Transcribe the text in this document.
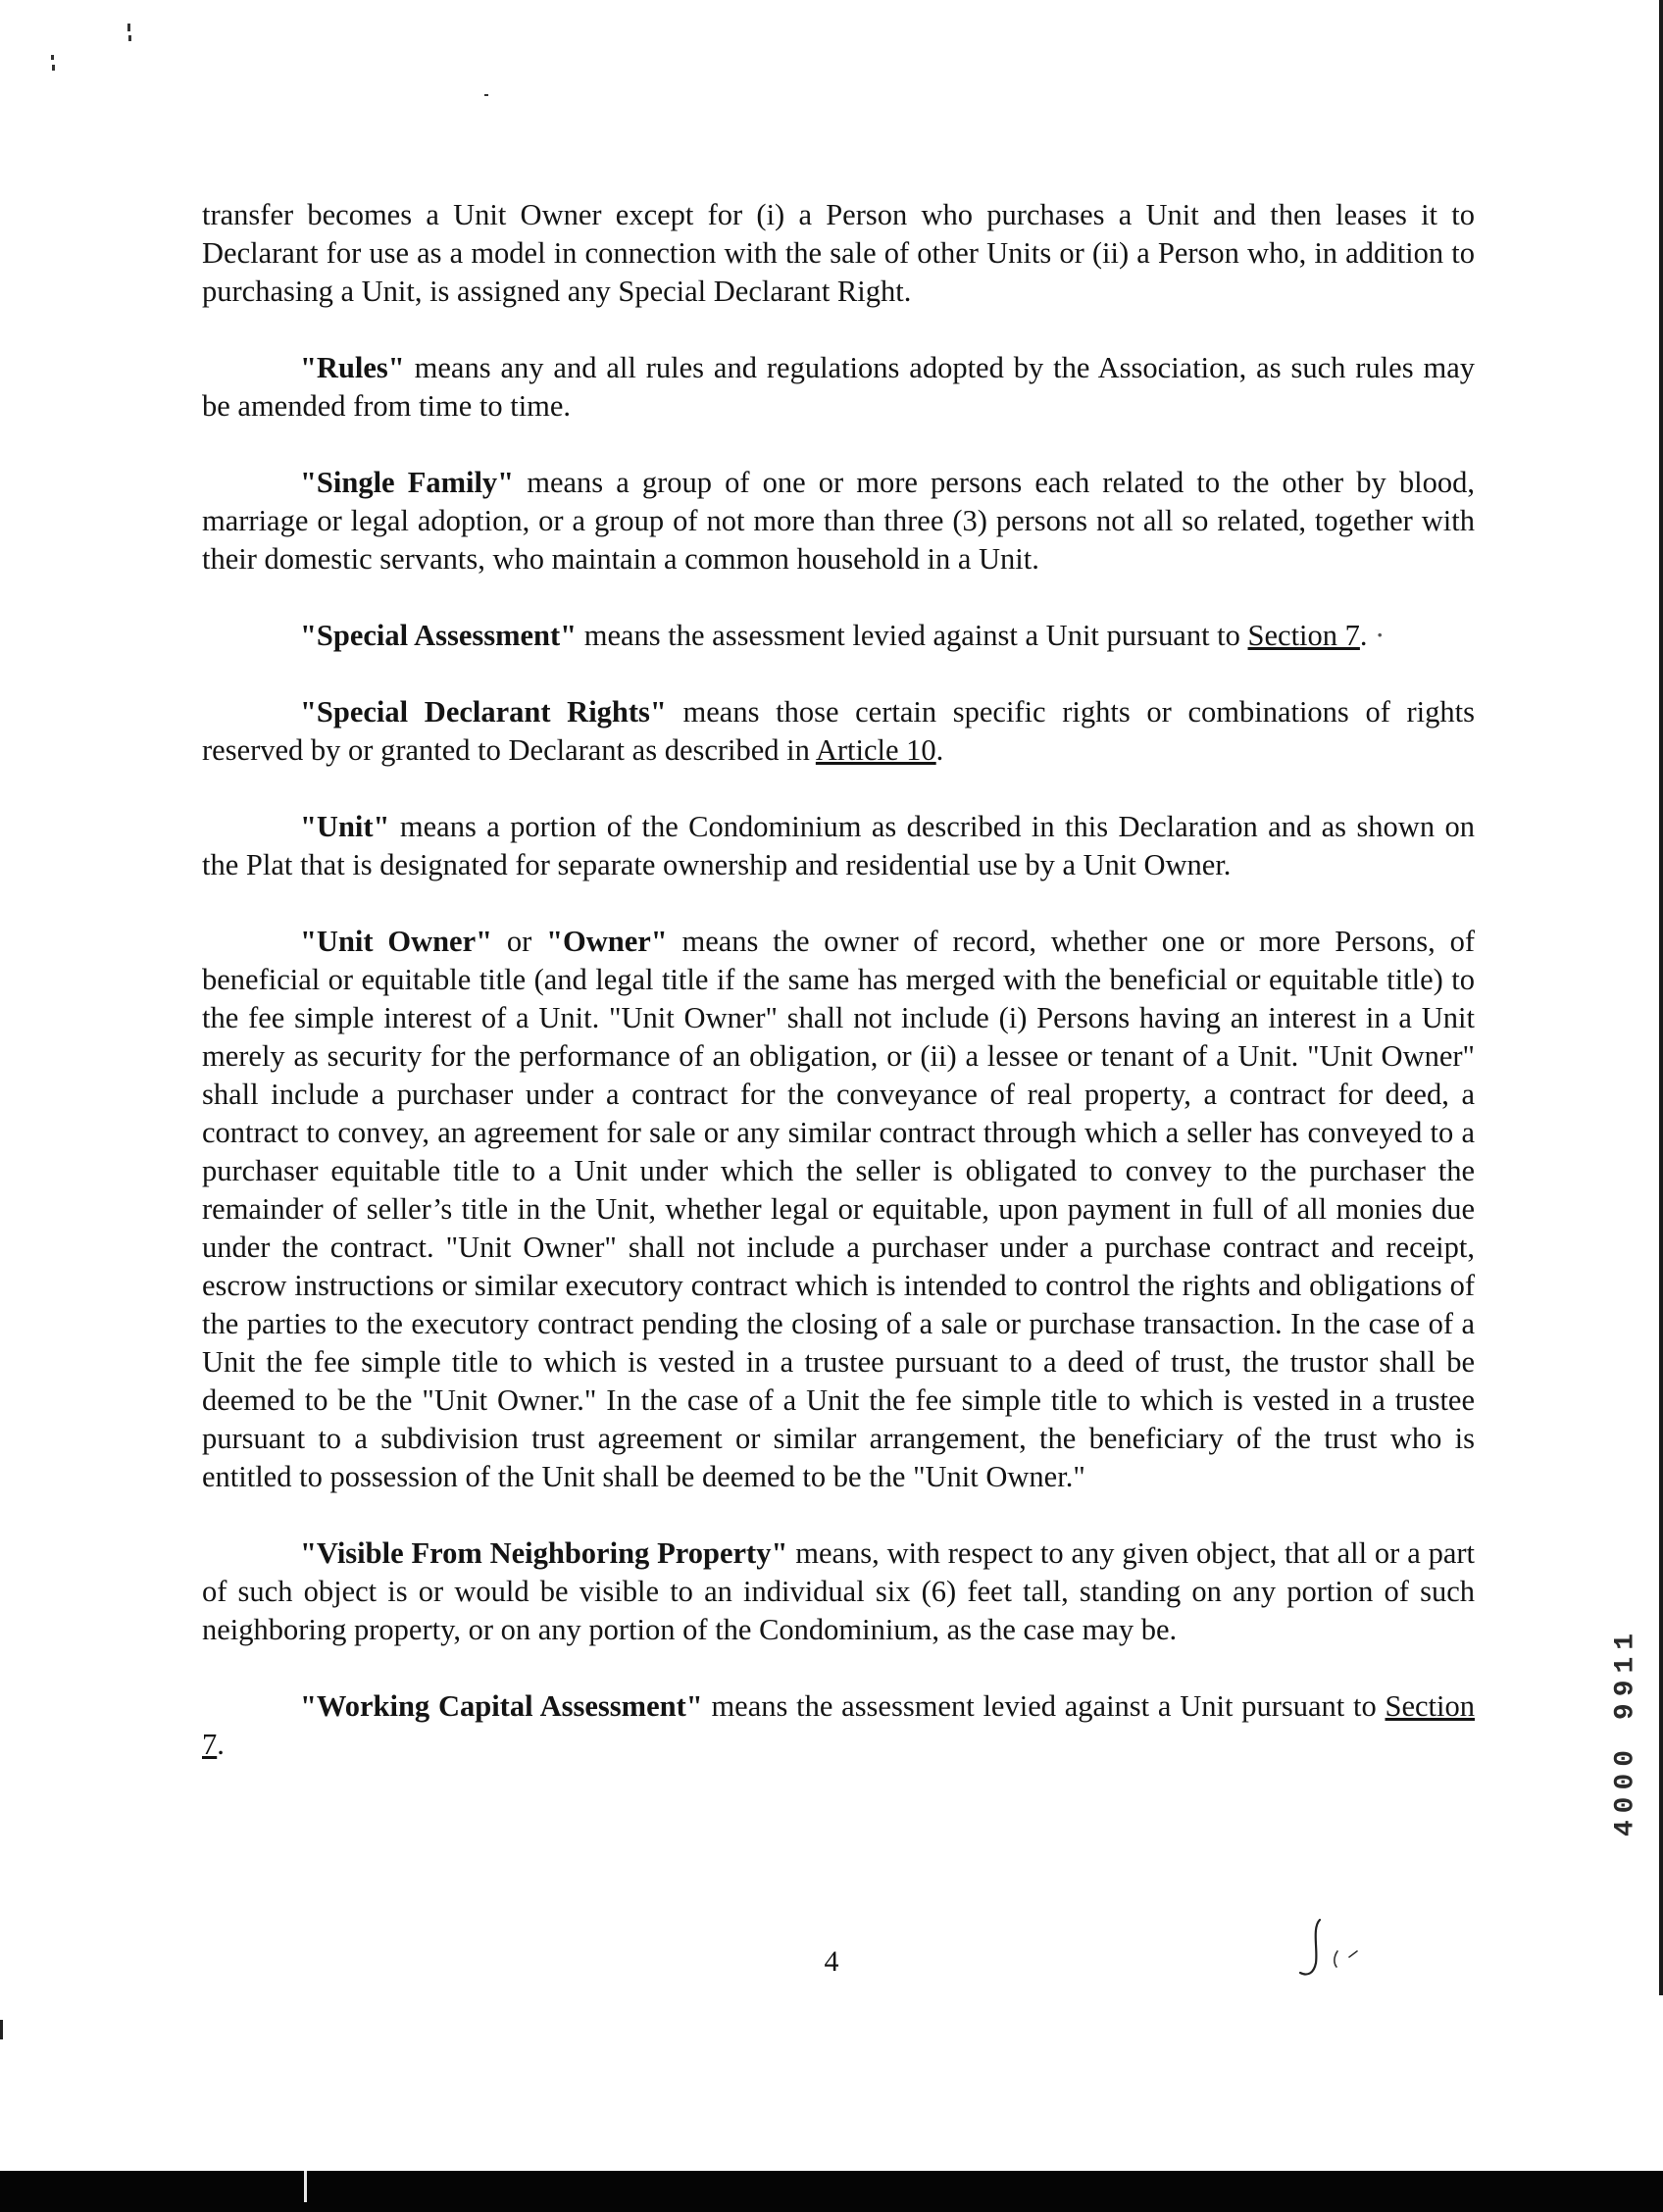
transfer becomes a Unit Owner except for (i) a Person who purchases a Unit and then leases it to Declarant for use as a model in connection with the sale of other Units or (ii) a Person who, in addition to purchasing a Unit, is assigned any Special Declarant Right.

"Rules" means any and all rules and regulations adopted by the Association, as such rules may be amended from time to time.

"Single Family" means a group of one or more persons each related to the other by blood, marriage or legal adoption, or a group of not more than three (3) persons not all so related, together with their domestic servants, who maintain a common household in a Unit.

"Special Assessment" means the assessment levied against a Unit pursuant to Section 7. ·

"Special Declarant Rights" means those certain specific rights or combinations of rights reserved by or granted to Declarant as described in Article 10.

"Unit" means a portion of the Condominium as described in this Declaration and as shown on the Plat that is designated for separate ownership and residential use by a Unit Owner.

"Unit Owner" or "Owner" means the owner of record, whether one or more Persons, of beneficial or equitable title (and legal title if the same has merged with the beneficial or equitable title) to the fee simple interest of a Unit. "Unit Owner" shall not include (i) Persons having an interest in a Unit merely as security for the performance of an obligation, or (ii) a lessee or tenant of a Unit. "Unit Owner" shall include a purchaser under a contract for the conveyance of real property, a contract for deed, a contract to convey, an agreement for sale or any similar contract through which a seller has conveyed to a purchaser equitable title to a Unit under which the seller is obligated to convey to the purchaser the remainder of seller’s title in the Unit, whether legal or equitable, upon payment in full of all monies due under the contract. "Unit Owner" shall not include a purchaser under a purchase contract and receipt, escrow instructions or similar executory contract which is intended to control the rights and obligations of the parties to the executory contract pending the closing of a sale or purchase transaction. In the case of a Unit the fee simple title to which is vested in a trustee pursuant to a deed of trust, the trustor shall be deemed to be the "Unit Owner." In the case of a Unit the fee simple title to which is vested in a trustee pursuant to a subdivision trust agreement or similar arrangement, the beneficiary of the trust who is entitled to possession of the Unit shall be deemed to be the "Unit Owner."

"Visible From Neighboring Property" means, with respect to any given object, that all or a part of such object is or would be visible to an individual six (6) feet tall, standing on any portion of such neighboring property, or on any portion of the Condominium, as the case may be.

"Working Capital Assessment" means the assessment levied against a Unit pursuant to Section 7.

4
4000 9911
